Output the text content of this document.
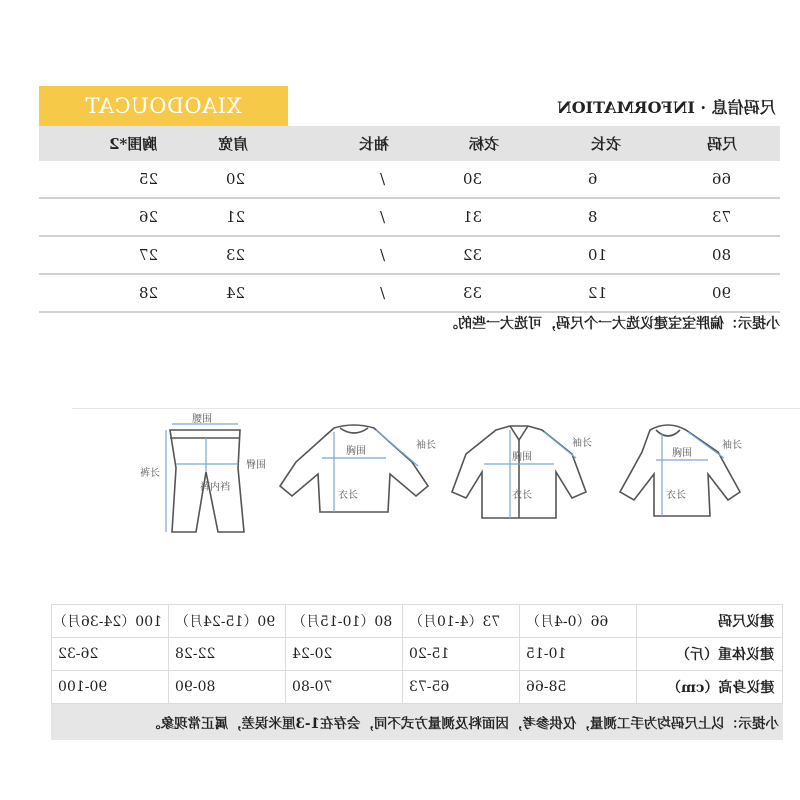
XIAODOUCAT	尺码信息 · INFORMATION
胸围*2	肩宽	袖长	衣标	衣长	尺码
25	20	/	30	6	66
26	21	/	31	8	73
27	23	/	32	10	80
28	24	/	33	12	90
小提示：偏胖宝宝建议选大一个尺码，可选大一些的。
腰围
裤长
臀围
裤内裆
胸围
袖长
衣长
胸围
袖长
衣长
胸围
袖长
衣长
100（24-36月）	90（15-24月）	80（10-15月）	73（4-10月）	66（0-4月）	建议尺码
26-32	22-28	20-24	15-20	10-15	建议体重（斤）
90-100	80-90	70-80	65-73	58-66	建议身高（cm）
小提示：以上尺码均为手工测量，仅供参考，因面料及测量方式不同，会存在1-3厘米误差，属正常现象。
